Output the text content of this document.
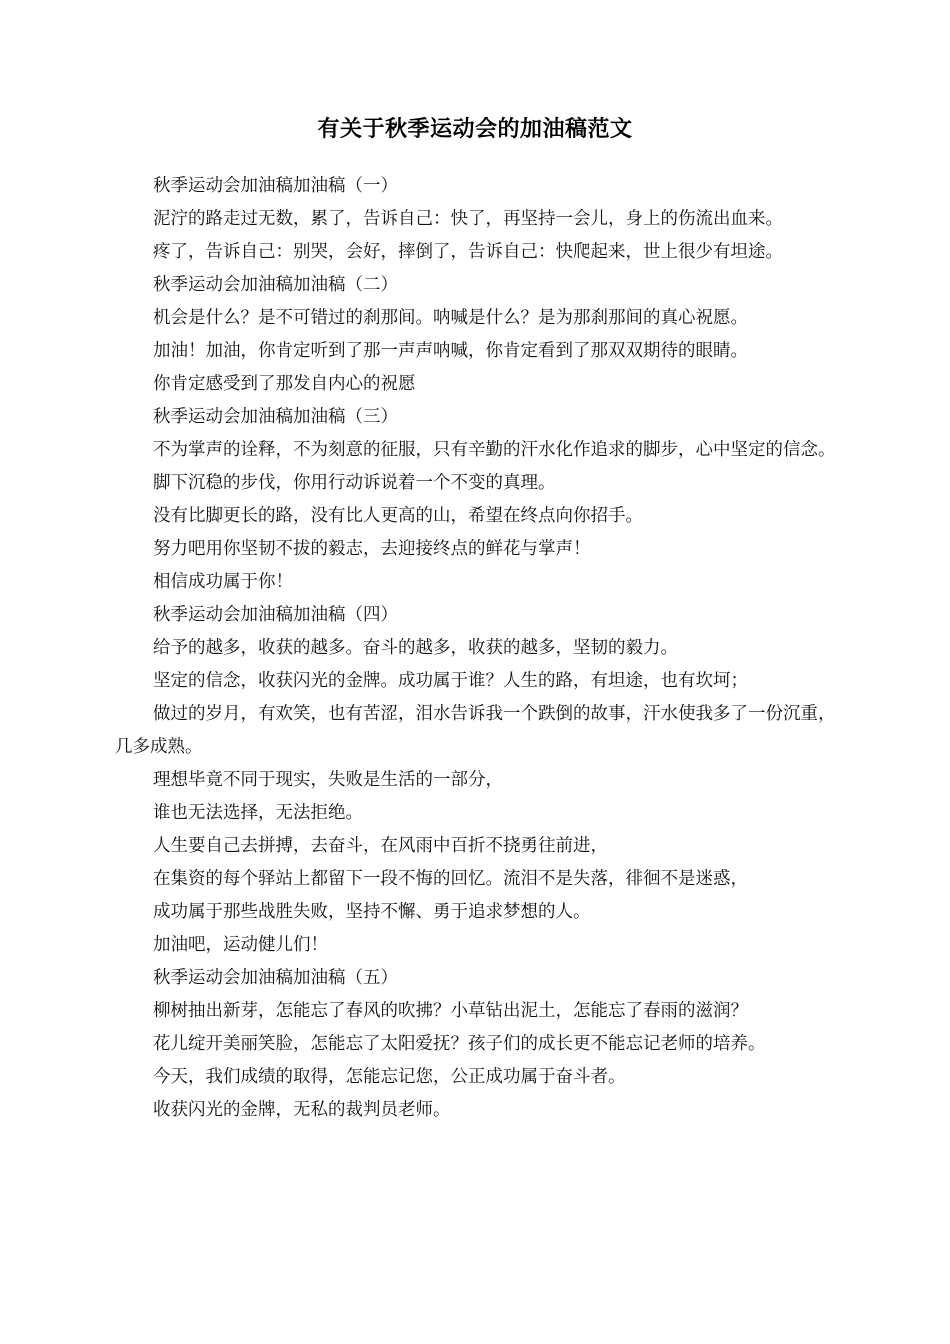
有关于秋季运动会的加油稿范文

秋季运动会加油稿加油稿（一）

泥泞的路走过无数，累了，告诉自己：快了，再坚持一会儿，身上的伤流出血来。

疼了，告诉自己：别哭，会好，摔倒了，告诉自己：快爬起来，世上很少有坦途。

秋季运动会加油稿加油稿（二）

机会是什么？是不可错过的刹那间。呐喊是什么？是为那刹那间的真心祝愿。

加油！加油，你肯定听到了那一声声呐喊，你肯定看到了那双双期待的眼睛。

你肯定感受到了那发自内心的祝愿

秋季运动会加油稿加油稿（三）

不为掌声的诠释，不为刻意的征服，只有辛勤的汗水化作追求的脚步，心中坚定的信念。

脚下沉稳的步伐，你用行动诉说着一个不变的真理。

没有比脚更长的路，没有比人更高的山，希望在终点向你招手。

努力吧用你坚韧不拔的毅志，去迎接终点的鲜花与掌声！

相信成功属于你！

秋季运动会加油稿加油稿（四）

给予的越多，收获的越多。奋斗的越多，收获的越多，坚韧的毅力。

坚定的信念，收获闪光的金牌。成功属于谁？人生的路，有坦途，也有坎坷；

做过的岁月，有欢笑，也有苦涩，泪水告诉我一个跌倒的故事，汗水使我多了一份沉重，几多成熟。

理想毕竟不同于现实，失败是生活的一部分，

谁也无法选择，无法拒绝。

人生要自己去拼搏，去奋斗，在风雨中百折不挠勇往前进，

在集资的每个驿站上都留下一段不悔的回忆。流泪不是失落，徘徊不是迷惑，

成功属于那些战胜失败，坚持不懈、勇于追求梦想的人。

加油吧，运动健儿们！

秋季运动会加油稿加油稿（五）

柳树抽出新芽，怎能忘了春风的吹拂？小草钻出泥土，怎能忘了春雨的滋润？

花儿绽开美丽笑脸，怎能忘了太阳爱抚？孩子们的成长更不能忘记老师的培养。

今天，我们成绩的取得，怎能忘记您，公正成功属于奋斗者。

收获闪光的金牌，无私的裁判员老师。
